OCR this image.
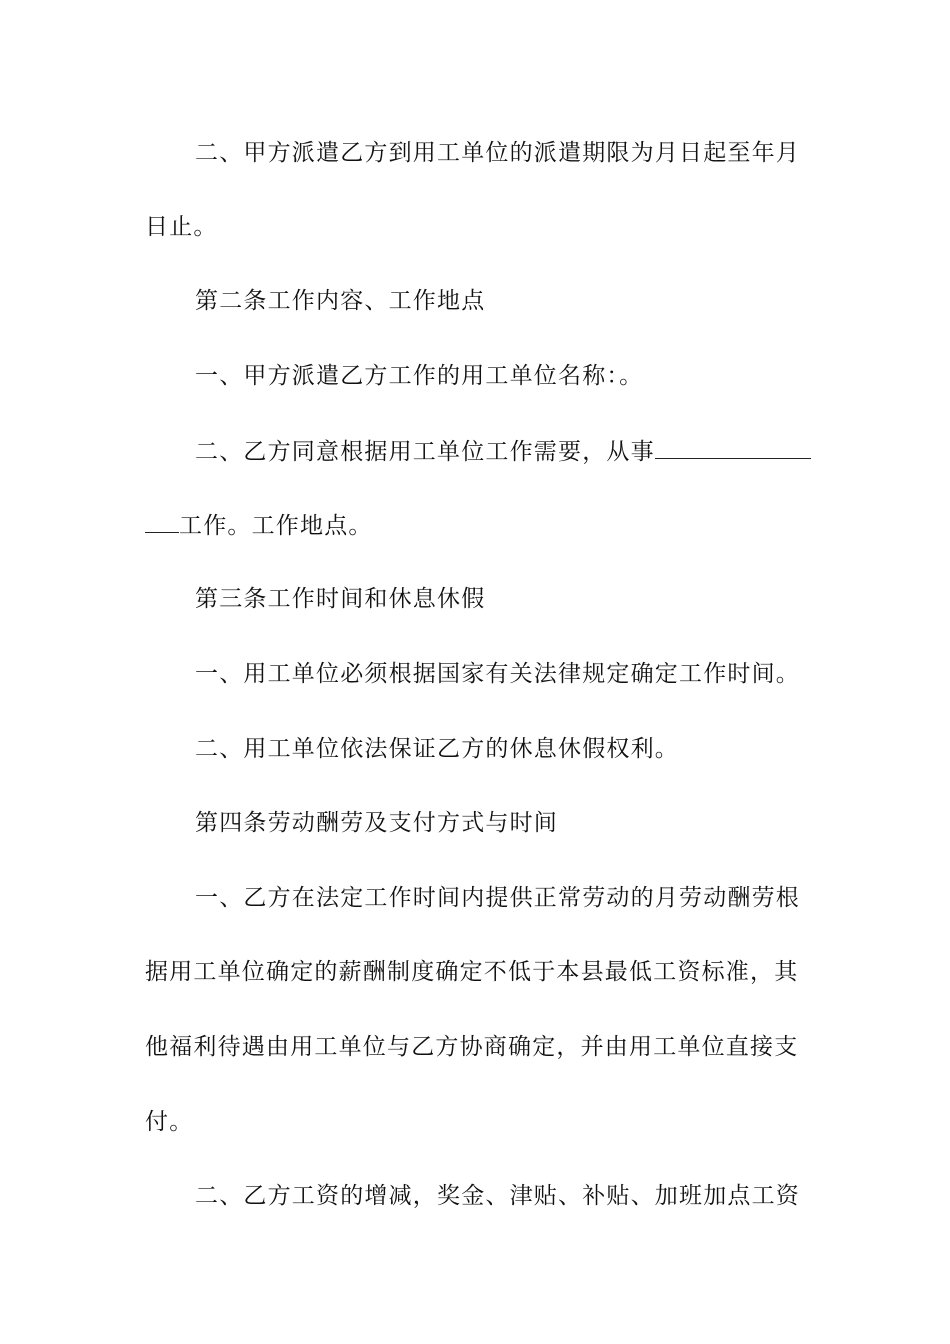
二、甲方派遣乙方到用工单位的派遣期限为月日起至年月
日止。
第二条工作内容、工作地点
一、甲方派遣乙方工作的用工单位名称：。
二、乙方同意根据用工单位工作需要，从事
工作。工作地点。
第三条工作时间和休息休假
一、用工单位必须根据国家有关法律规定确定工作时间。
二、用工单位依法保证乙方的休息休假权利。
第四条劳动酬劳及支付方式与时间
一、乙方在法定工作时间内提供正常劳动的月劳动酬劳根
据用工单位确定的薪酬制度确定不低于本县最低工资标准，其
他福利待遇由用工单位与乙方协商确定，并由用工单位直接支
付。
二、乙方工资的增减，奖金、津贴、补贴、加班加点工资
